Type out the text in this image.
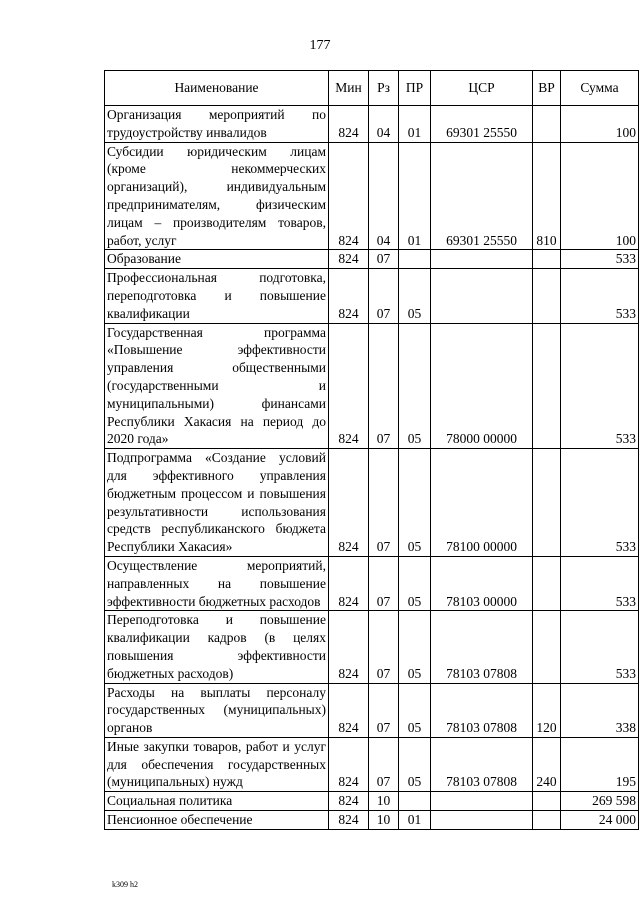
177
Наименование	Мин	Рз	ПР	ЦСР	ВР	Сумма
Организация мероприятий по трудоустройству инвалидов	824	04	01	69301 25550		100
Субсидии юридическим лицам (кроме некоммерческих организаций), индивидуальным предпринимателям, физическим лицам – производителям товаров, работ, услуг	824	04	01	69301 25550	810	100
Образование	824	07				533
Профессиональная подготовка, переподготовка и повышение квалификации	824	07	05			533
Государственная программа «Повышение эффективности управления общественными (государственными и муниципальными) финансами Республики Хакасия на период до 2020 года»	824	07	05	78000 00000		533
Подпрограмма «Создание условий для эффективного управления бюджетным процессом и повышения результативности использования средств республиканского бюджета Республики Хакасия»	824	07	05	78100 00000		533
Осуществление мероприятий, направленных на повышение эффективности бюджетных расходов	824	07	05	78103 00000		533
Переподготовка и повышение квалификации кадров (в целях повышения эффективности бюджетных расходов)	824	07	05	78103 07808		533
Расходы на выплаты персоналу государственных (муниципальных) органов	824	07	05	78103 07808	120	338
Иные закупки товаров, работ и услуг для обеспечения государственных (муниципальных) нужд	824	07	05	78103 07808	240	195
Социальная политика	824	10				269 598
Пенсионное обеспечение	824	10	01			24 000
k309 h2
